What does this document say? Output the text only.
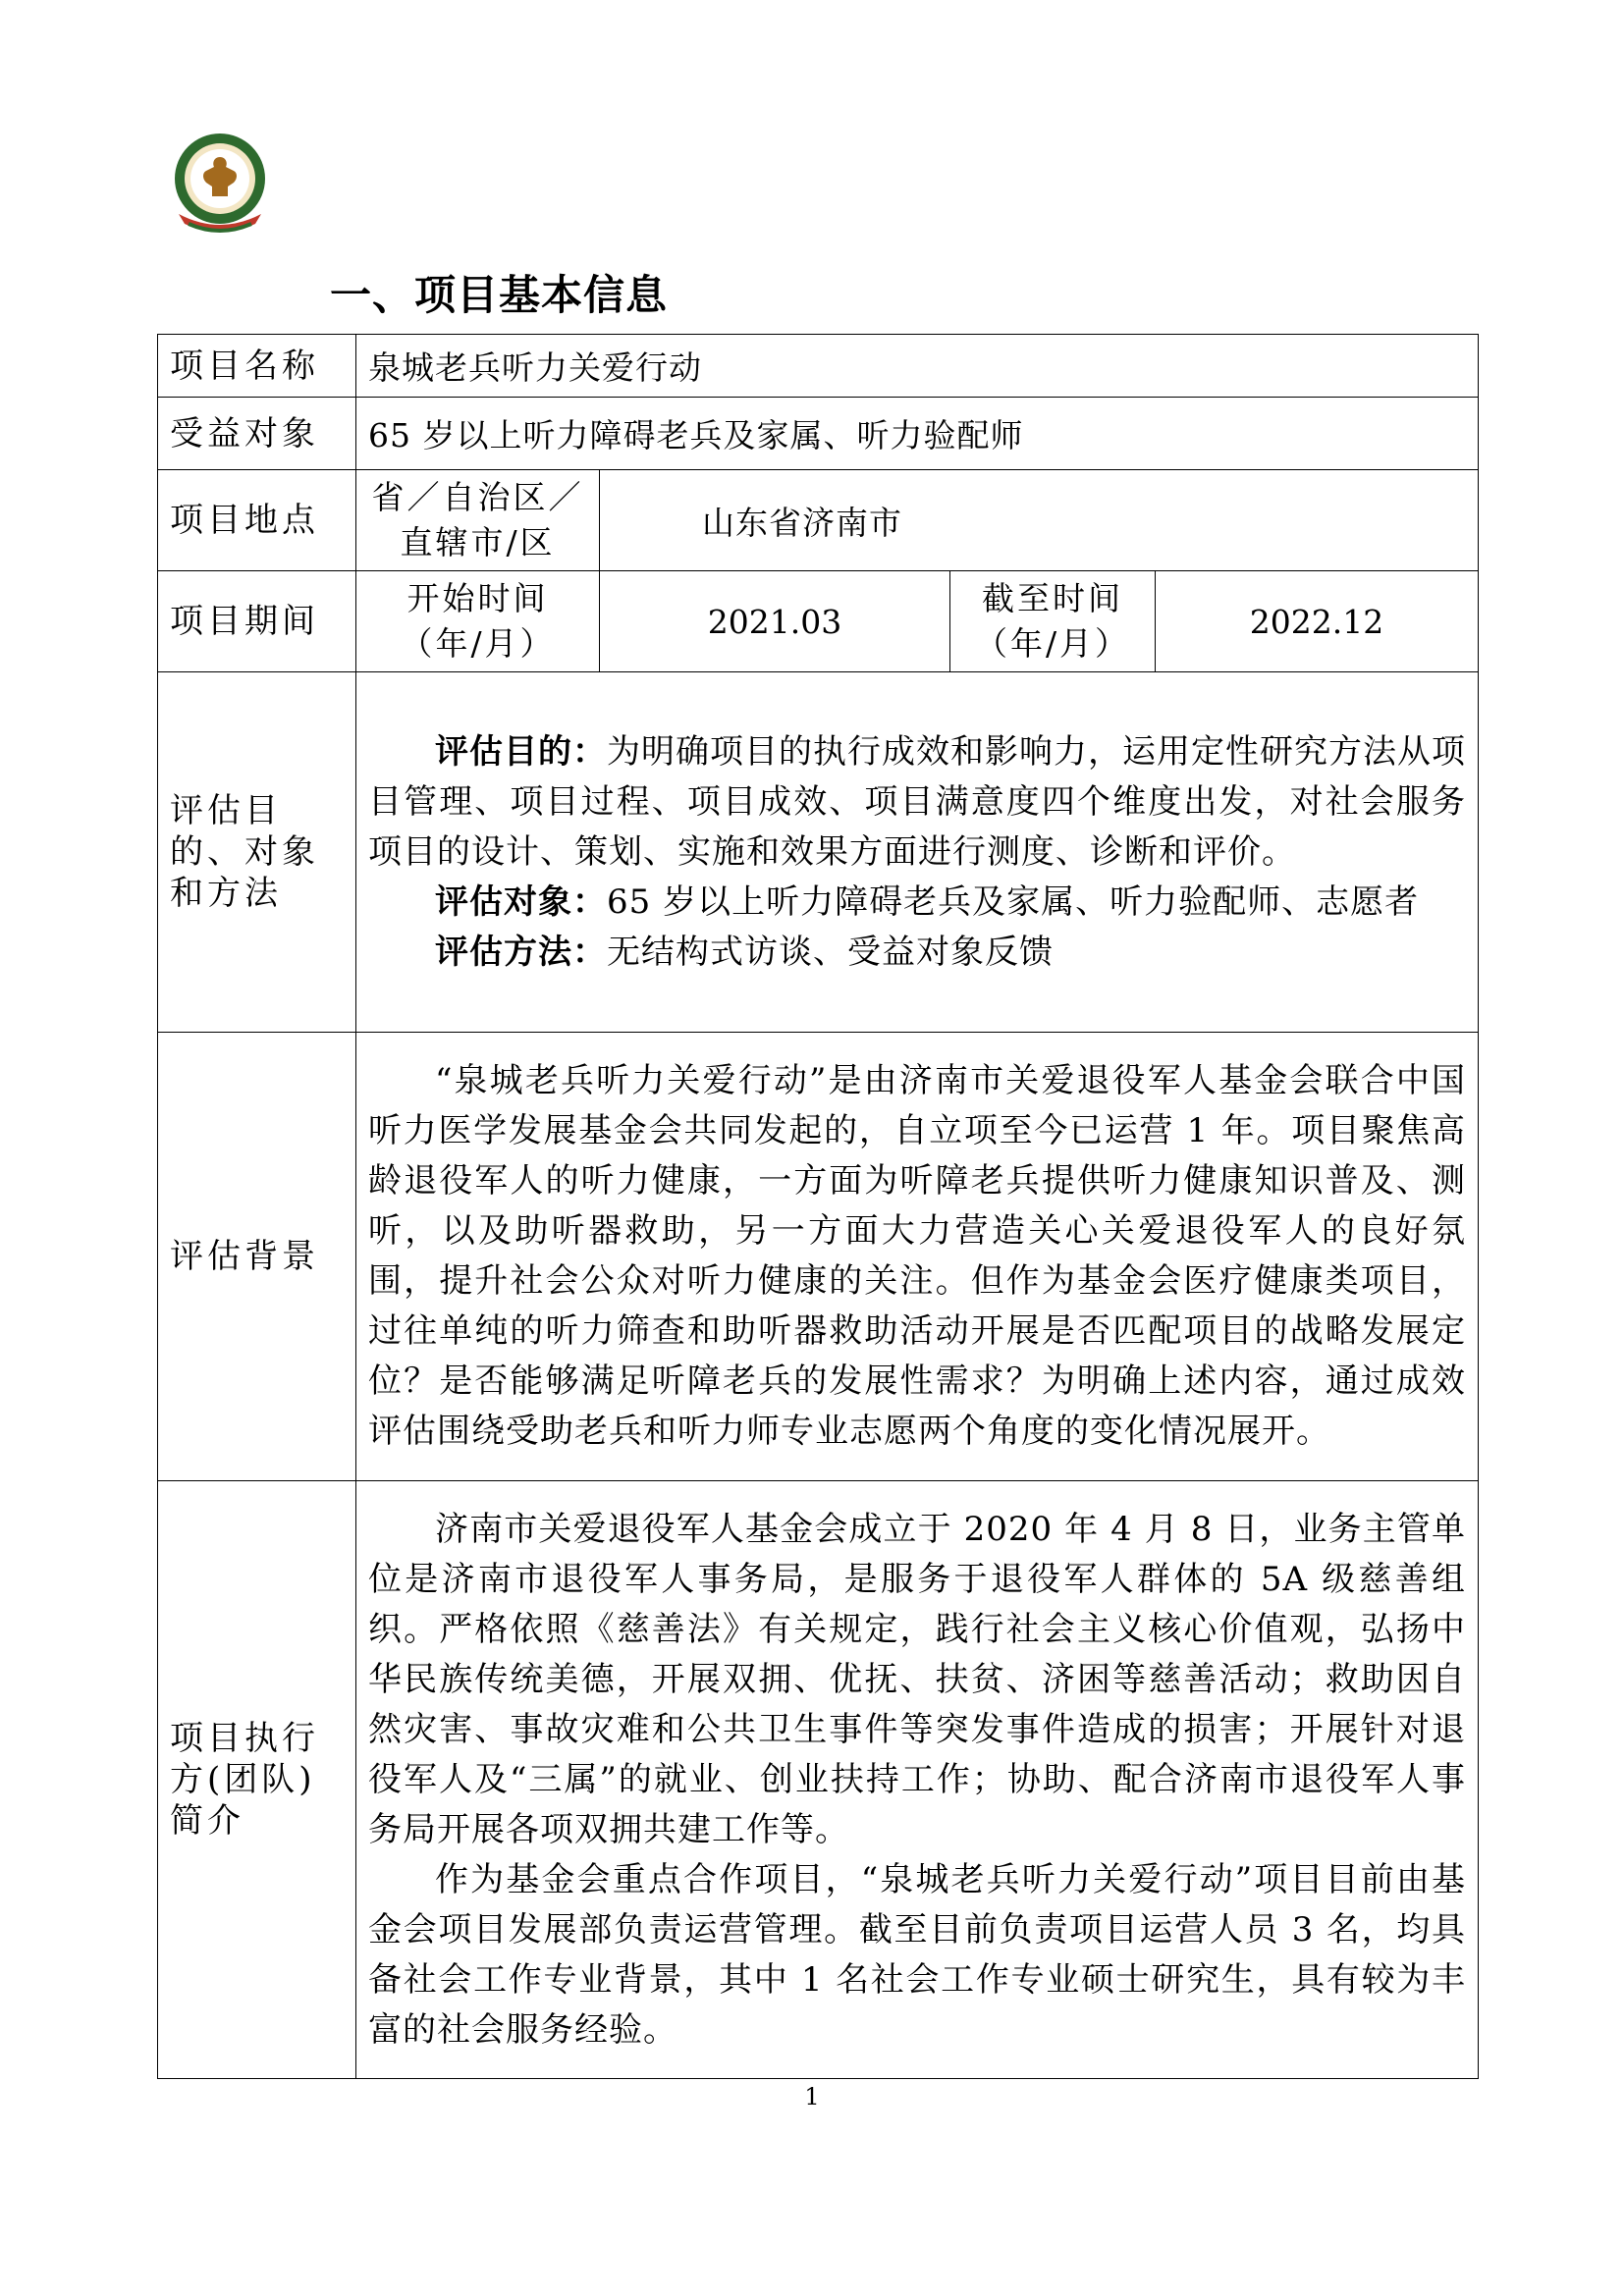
一、项目基本信息
项目名称	泉城老兵听力关爱行动			
受益对象	65 岁以上听力障碍老兵及家属、听力验配师			
项目地点	省／自治区／直辖市/区	山东省济南市		
项目期间	开始时间（年/月）	2021.03	截至时间（年/月）	2022.12
评估目的、对象和方法	评估目的：为明确项目的执行成效和影响力，运用定性研究方法从项目管理、项目过程、项目成效、项目满意度四个维度出发，对社会服务项目的设计、策划、实施和效果方面进行测度、诊断和评价。

评估对象：65 岁以上听力障碍老兵及家属、听力验配师、志愿者

评估方法：无结构式访谈、受益对象反馈			

评估背景	“泉城老兵听力关爱行动”是由济南市关爱退役军人基金会联合中国听力医学发展基金会共同发起的，自立项至今已运营 1 年。项目聚焦高龄退役军人的听力健康，一方面为听障老兵提供听力健康知识普及、测听，以及助听器救助，另一方面大力营造关心关爱退役军人的良好氛围，提升社会公众对听力健康的关注。但作为基金会医疗健康类项目，过往单纯的听力筛查和助听器救助活动开展是否匹配项目的战略发展定位？是否能够满足听障老兵的发展性需求？为明确上述内容，通过成效评估围绕受助老兵和听力师专业志愿两个角度的变化情况展开。			

项目执行方(团队)简介	济南市关爱退役军人基金会成立于 2020 年 4 月 8 日，业务主管单位是济南市退役军人事务局，是服务于退役军人群体的 5A 级慈善组织。严格依照《慈善法》有关规定，践行社会主义核心价值观，弘扬中华民族传统美德，开展双拥、优抚、扶贫、济困等慈善活动；救助因自然灾害、事故灾难和公共卫生事件等突发事件造成的损害；开展针对退役军人及“三属”的就业、创业扶持工作；协助、配合济南市退役军人事务局开展各项双拥共建工作等。

作为基金会重点合作项目，“泉城老兵听力关爱行动”项目目前由基金会项目发展部负责运营管理。截至目前负责项目运营人员 3 名，均具备社会工作专业背景，其中 1 名社会工作专业硕士研究生，具有较为丰富的社会服务经验。			

1
